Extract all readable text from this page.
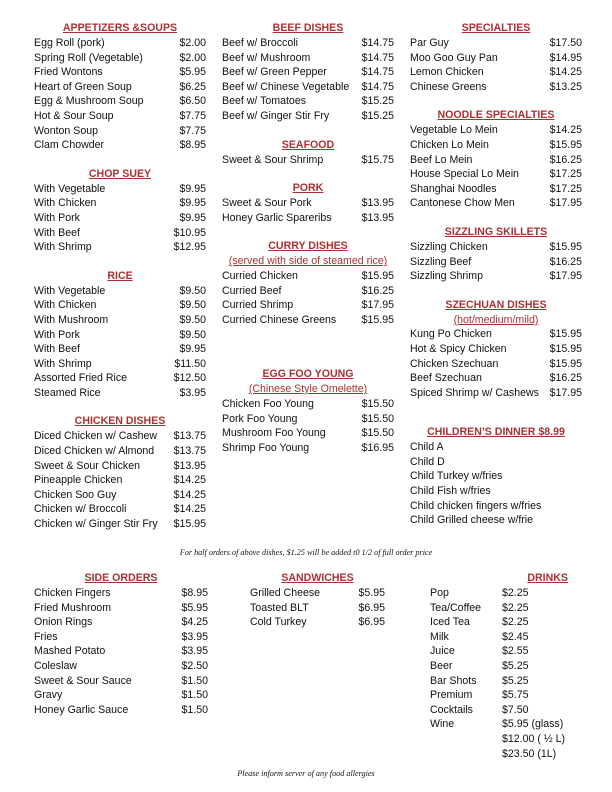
APPETIZERS &SOUPS
Egg Roll (pork)	$2.00
Spring Roll (Vegetable)	$2.00
Fried Wontons	$5.95
Heart of Green Soup	$6.25
Egg & Mushroom Soup	$6.50
Hot & Sour Soup	$7.75
Wonton Soup	$7.75
Clam Chowder	$8.95
CHOP SUEY
With Vegetable	$9.95
With Chicken	$9.95
With Pork	$9.95
With Beef	$10.95
With Shrimp	$12.95
RICE
With Vegetable	$9.50
With Chicken	$9.50
With Mushroom	$9.50
With Pork	$9.50
With Beef	$9.95
With Shrimp	$11.50
Assorted Fried Rice	$12.50
Steamed Rice	$3.95
CHICKEN DISHES
Diced Chicken w/ Cashew $13.75
Diced Chicken w/ Almond $13.75
Sweet & Sour Chicken	$13.95
Pineapple Chicken	$14.25
Chicken Soo Guy	$14.25
Chicken w/ Broccoli	$14.25
Chicken w/ Ginger Stir Fry $15.95
BEEF DISHES
Beef w/ Broccoli	$14.75
Beef w/ Mushroom	$14.75
Beef w/ Green Pepper	$14.75
Beef w/ Chinese Vegetable $14.75
Beef w/ Tomatoes	$15.25
Beef w/ Ginger Stir Fry	$15.25
SEAFOOD
Sweet & Sour Shrimp	$15.75
PORK
Sweet & Sour Pork	$13.95
Honey Garlic Spareribs	$13.95
CURRY DISHES
(served with side of steamed rice)
Curried Chicken	$15.95
Curried Beef	$16.25
Curried Shrimp	$17.95
Curried Chinese Greens $15.95
EGG FOO YOUNG
(Chinese Style Omelette)
Chicken Foo Young	$15.50
Pork Foo Young	$15.50
Mushroom Foo Young	$15.50
Shrimp Foo Young	$16.95
SPECIALTIES
Par Guy	$17.50
Moo Goo Guy Pan	$14.95
Lemon Chicken	$14.25
Chinese Greens	$13.25
NOODLE SPECIALTIES
Vegetable Lo Mein	$14.25
Chicken Lo Mein	$15.95
Beef Lo Mein	$16.25
House Special Lo Mein	$17.25
Shanghai Noodles	$17.25
Cantonese Chow Men	$17.95
SIZZLING SKILLETS
Sizzling Chicken	$15.95
Sizzling Beef	$16.25
Sizzling Shrimp	$17.95
SZECHUAN DISHES
(hot/medium/mild)
Kung Po Chicken	$15.95
Hot & Spicy Chicken	$15.95
Chicken Szechuan	$15.95
Beef Szechuan	$16.25
Spiced Shrimp w/ Cashews $17.95
CHILDREN’S DINNER $8.99
Child A
Child D
Child Turkey w/fries
Child Fish w/fries
Child chicken fingers w/fries
Child Grilled cheese w/frie
For half orders of above dishes, $1.25 will be added t0 1/2 of full order price
SIDE ORDERS
Chicken Fingers	$8.95
Fried Mushroom	$5.95
Onion Rings	$4.25
Fries	$3.95
Mashed Potato	$3.95
Coleslaw	$2.50
Sweet & Sour Sauce	$1.50
Gravy	$1.50
Honey Garlic Sauce	$1.50
SANDWICHES
Grilled Cheese	$5.95
Toasted BLT	$6.95
Cold Turkey	$6.95
DRINKS
Pop	$2.25
Tea/Coffee $2.25
Iced Tea	$2.25
Milk	$2.45
Juice	$2.55
Beer	$5.25
Bar Shots $5.25
Premium	$5.75
Cocktails	$7.50
Wine	$5.95 (glass)
$12.00 ( ½ L)
$23.50 (1L)
Please inform server of any food allergies
